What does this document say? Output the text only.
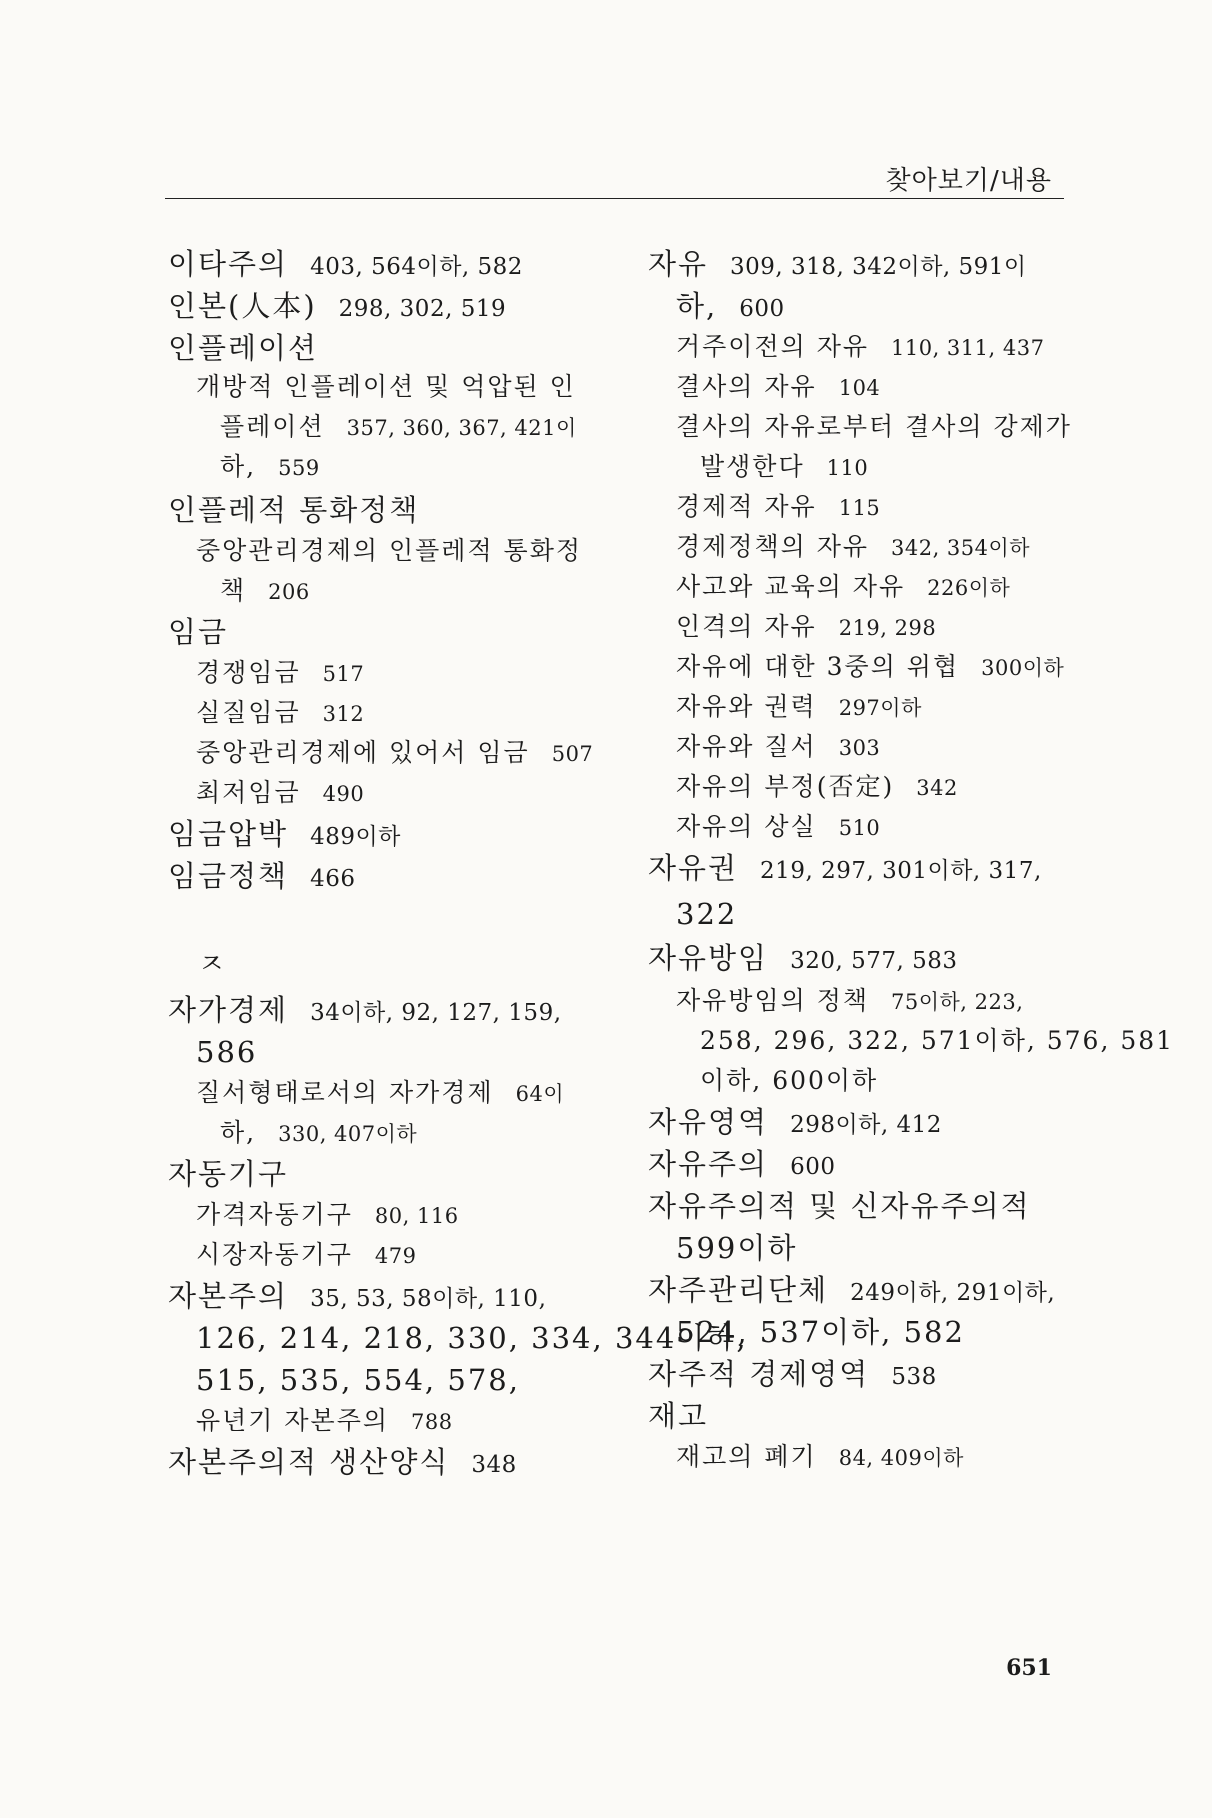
찾아보기/내용
이타주의 403, 564이하, 582
인본(人本) 298, 302, 519
인플레이션
개방적 인플레이션 및 억압된 인
플레이션 357, 360, 367, 421이
하, 559
인플레적 통화정책
중앙관리경제의 인플레적 통화정
책 206
임금
경쟁임금 517
실질임금 312
중앙관리경제에 있어서 임금 507
최저임금 490
임금압박 489이하
임금정책 466
ㅈ
자가경제 34이하, 92, 127, 159,
586
질서형태로서의 자가경제 64이
하, 330, 407이하
자동기구
가격자동기구 80, 116
시장자동기구 479
자본주의 35, 53, 58이하, 110,
126, 214, 218, 330, 334, 344이하,
515, 535, 554, 578,
유년기 자본주의 788
자본주의적 생산양식 348
자유 309, 318, 342이하, 591이
하, 600
거주이전의 자유 110, 311, 437
결사의 자유 104
결사의 자유로부터 결사의 강제가
발생한다 110
경제적 자유 115
경제정책의 자유 342, 354이하
사고와 교육의 자유 226이하
인격의 자유 219, 298
자유에 대한 3중의 위협 300이하
자유와 권력 297이하
자유와 질서 303
자유의 부정(否定) 342
자유의 상실 510
자유권 219, 297, 301이하, 317,
322
자유방임 320, 577, 583
자유방임의 정책 75이하, 223,
258, 296, 322, 571이하, 576, 581
이하, 600이하
자유영역 298이하, 412
자유주의 600
자유주의적 및 신자유주의적
599이하
자주관리단체 249이하, 291이하,
524, 537이하, 582
자주적 경제영역 538
재고
재고의 폐기 84, 409이하
651
